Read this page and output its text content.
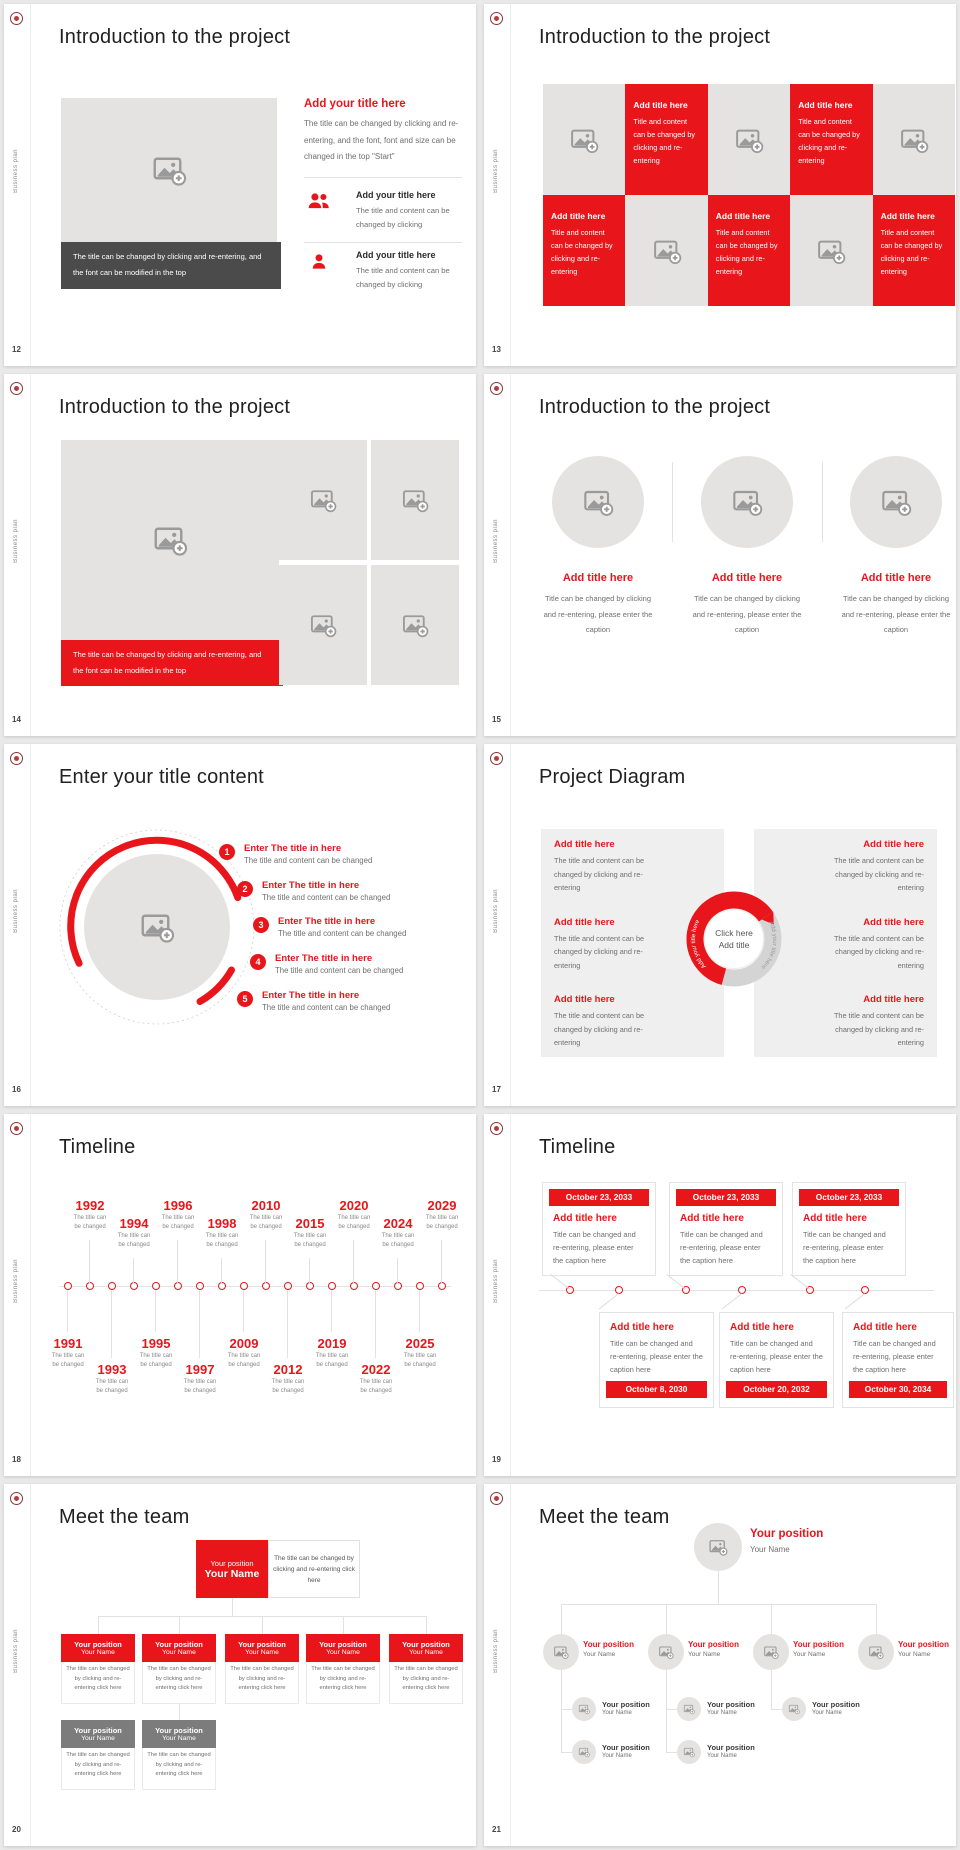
Business plan
12
Introduction to the project
The title can be changed by clicking and re-entering, and the font can be modified in the top
Add your title here
The title can be changed by clicking and re-entering, and the font, font and size can be changed in the top "Start"
Add your title here
The title and content can be changed by clicking
Add your title here
The title and content can be changed by clicking
Business plan
13
Introduction to the project
Add title here
Title and content can be changed by clicking and re-entering
Add title here
Title and content can be changed by clicking and re-entering
Add title here
Title and content can be changed by clicking and re-entering
Add title here
Title and content can be changed by clicking and re-entering
Add title here
Title and content can be changed by clicking and re-entering
Business plan
14
Introduction to the project
The title can be changed by clicking and re-entering, and the font can be modified in the top
Business plan
15
Introduction to the project
Add title here
Title can be changed by clicking and re-entering, please enter the caption
Add title here
Title can be changed by clicking and re-entering, please enter the caption
Add title here
Title can be changed by clicking and re-entering, please enter the caption
Business plan
16
Enter your title content
1	Enter The title in here
The title and content can be changed
2	Enter The title in here
The title and content can be changed
3	Enter The title in here
The title and content can be changed
4	Enter The title in here
The title and content can be changed
5	Enter The title in here
The title and content can be changed
Business plan
17
Project Diagram
Add title here
The title and content can be changed by clicking and re-entering
Add title here
The title and content can be changed by clicking and re-entering
Add title here
The title and content can be changed by clicking and re-entering
Add title here
The title and content can be changed by clicking and re-entering
Add title here
The title and content can be changed by clicking and re-entering
Add title here
The title and content can be changed by clicking and re-entering
Add your title here	Add your title here
Click here
Add title
Business plan
18
Timeline
1992
The title can be changed	1994
The title can be changed
1996
The title can be changed	1998
The title can be changed
2010
The title can be changed	2015
The title can be changed
2020
The title can be changed	2024
The title can be changed
2029
The title can be changed
1991
The title can be changed	1993
The title can be changed
1995
The title can be changed	1997
The title can be changed
2009
The title can be changed	2012
The title can be changed
2019
The title can be changed	2022
The title can be changed
2025
The title can be changed
Business plan
19
Timeline
October 23, 2033
Add title here
Title can be changed and re-entering, please enter the caption here
October 23, 2033
Add title here
Title can be changed and re-entering, please enter the caption here
October 23, 2033
Add title here
Title can be changed and re-entering, please enter the caption here
Add title here
Title can be changed and re-entering, please enter the caption here
October 8, 2030
Add title here
Title can be changed and re-entering, please enter the caption here
October 20, 2032
Add title here
Title can be changed and re-entering, please enter the caption here
October 30, 2034
Business plan
20
Meet the team
Your position
Your Name
The title can be changed by clicking and re-entering click here
Your position
Your Name
The title can be changed by clicking and re-entering click here
Your position
Your Name
The title can be changed by clicking and re-entering click here
Your position
Your Name
The title can be changed by clicking and re-entering click here
Your position
Your Name
The title can be changed by clicking and re-entering click here
Your position
Your Name
The title can be changed by clicking and re-entering click here
Your position
Your Name
The title can be changed by clicking and re-entering click here
Your position
Your Name
The title can be changed by clicking and re-entering click here
Business plan
21
Meet the team
Your position
Your Name
Your position
Your Name
Your position
Your Name
Your position
Your Name
Your position
Your Name
Your position
Your Name
Your position
Your Name
Your position
Your Name
Your position
Your Name
Your position
Your Name
